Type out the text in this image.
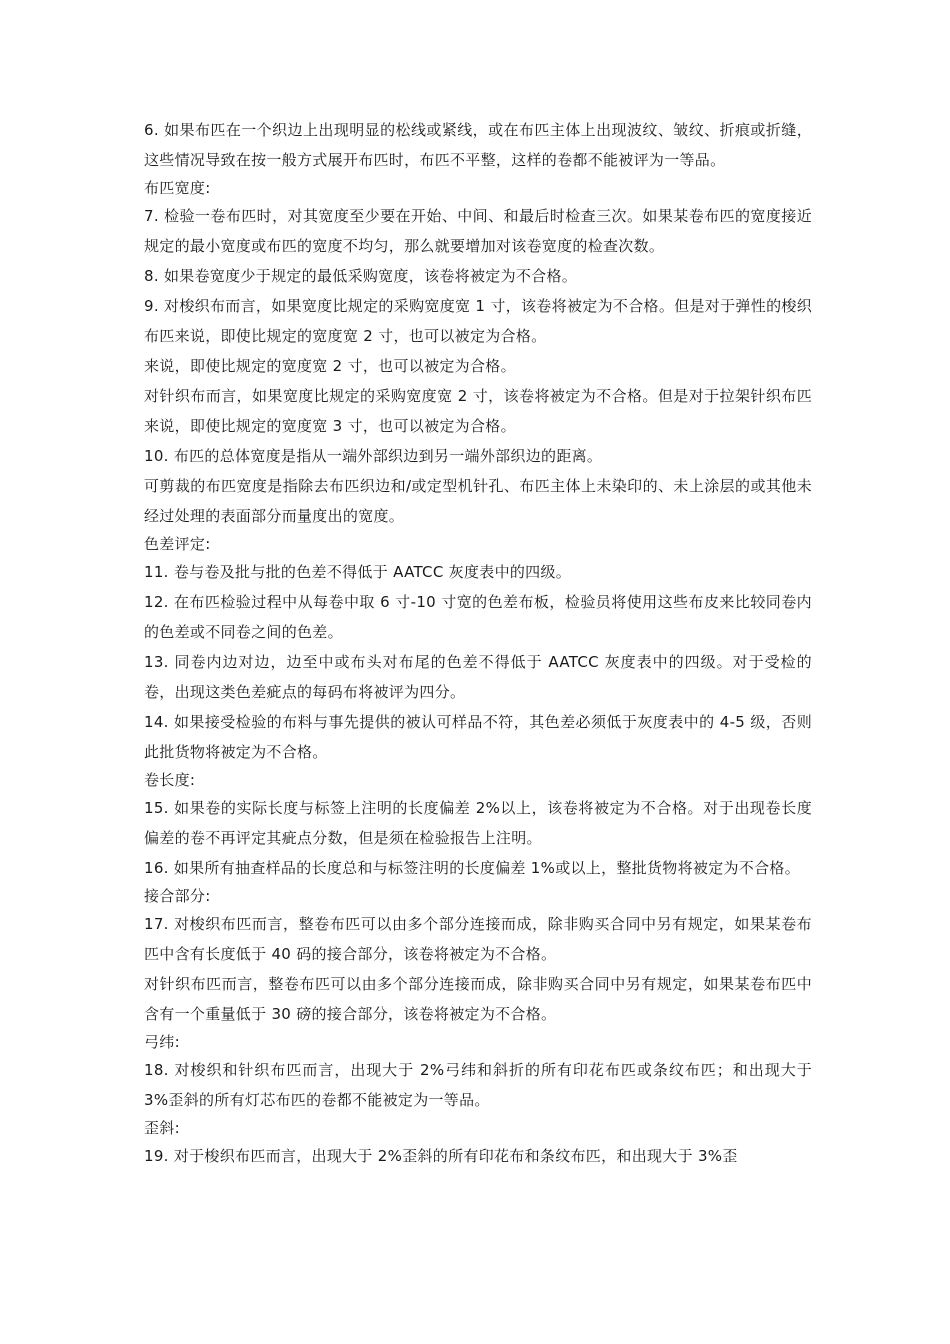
6. 如果布匹在一个织边上出现明显的松线或紧线，或在布匹主体上出现波纹、皱纹、折痕或折缝，这些情况导致在按一般方式展开布匹时，布匹不平整，这样的卷都不能被评为一等品。

布匹宽度:

7. 检验一卷布匹时，对其宽度至少要在开始、中间、和最后时检查三次。如果某卷布匹的宽度接近规定的最小宽度或布匹的宽度不均匀，那么就要增加对该卷宽度的检查次数。

8. 如果卷宽度少于规定的最低采购宽度，该卷将被定为不合格。

9. 对梭织布而言，如果宽度比规定的采购宽度宽 1 寸，该卷将被定为不合格。但是对于弹性的梭织布匹来说，即使比规定的宽度宽 2 寸，也可以被定为合格。

来说，即使比规定的宽度宽 2 寸，也可以被定为合格。

对针织布而言，如果宽度比规定的采购宽度宽 2 寸，该卷将被定为不合格。但是对于拉架针织布匹来说，即使比规定的宽度宽 3 寸，也可以被定为合格。

10. 布匹的总体宽度是指从一端外部织边到另一端外部织边的距离。

可剪裁的布匹宽度是指除去布匹织边和/或定型机针孔、布匹主体上未染印的、未上涂层的或其他未经过处理的表面部分而量度出的宽度。

色差评定:

11. 卷与卷及批与批的色差不得低于 AATCC 灰度表中的四级。

12. 在布匹检验过程中从每卷中取 6 寸-10 寸宽的色差布板，检验员将使用这些布皮来比较同卷内的色差或不同卷之间的色差。

13. 同卷内边对边，边至中或布头对布尾的色差不得低于 AATCC 灰度表中的四级。对于受检的卷，出现这类色差疵点的每码布将被评为四分。

14. 如果接受检验的布料与事先提供的被认可样品不符，其色差必须低于灰度表中的 4-5 级，否则此批货物将被定为不合格。

卷长度:

15. 如果卷的实际长度与标签上注明的长度偏差 2%以上，该卷将被定为不合格。对于出现卷长度偏差的卷不再评定其疵点分数，但是须在检验报告上注明。

16. 如果所有抽查样品的长度总和与标签注明的长度偏差 1%或以上，整批货物将被定为不合格。

接合部分:

17. 对梭织布匹而言，整卷布匹可以由多个部分连接而成，除非购买合同中另有规定，如果某卷布匹中含有长度低于 40 码的接合部分，该卷将被定为不合格。

对针织布匹而言，整卷布匹可以由多个部分连接而成，除非购买合同中另有规定，如果某卷布匹中含有一个重量低于 30 磅的接合部分，该卷将被定为不合格。

弓纬:

18. 对梭织和针织布匹而言，出现大于 2%弓纬和斜折的所有印花布匹或条纹布匹；和出现大于 3%歪斜的所有灯芯布匹的卷都不能被定为一等品。

歪斜:

19. 对于梭织布匹而言，出现大于 2%歪斜的所有印花布和条纹布匹，和出现大于 3%歪
